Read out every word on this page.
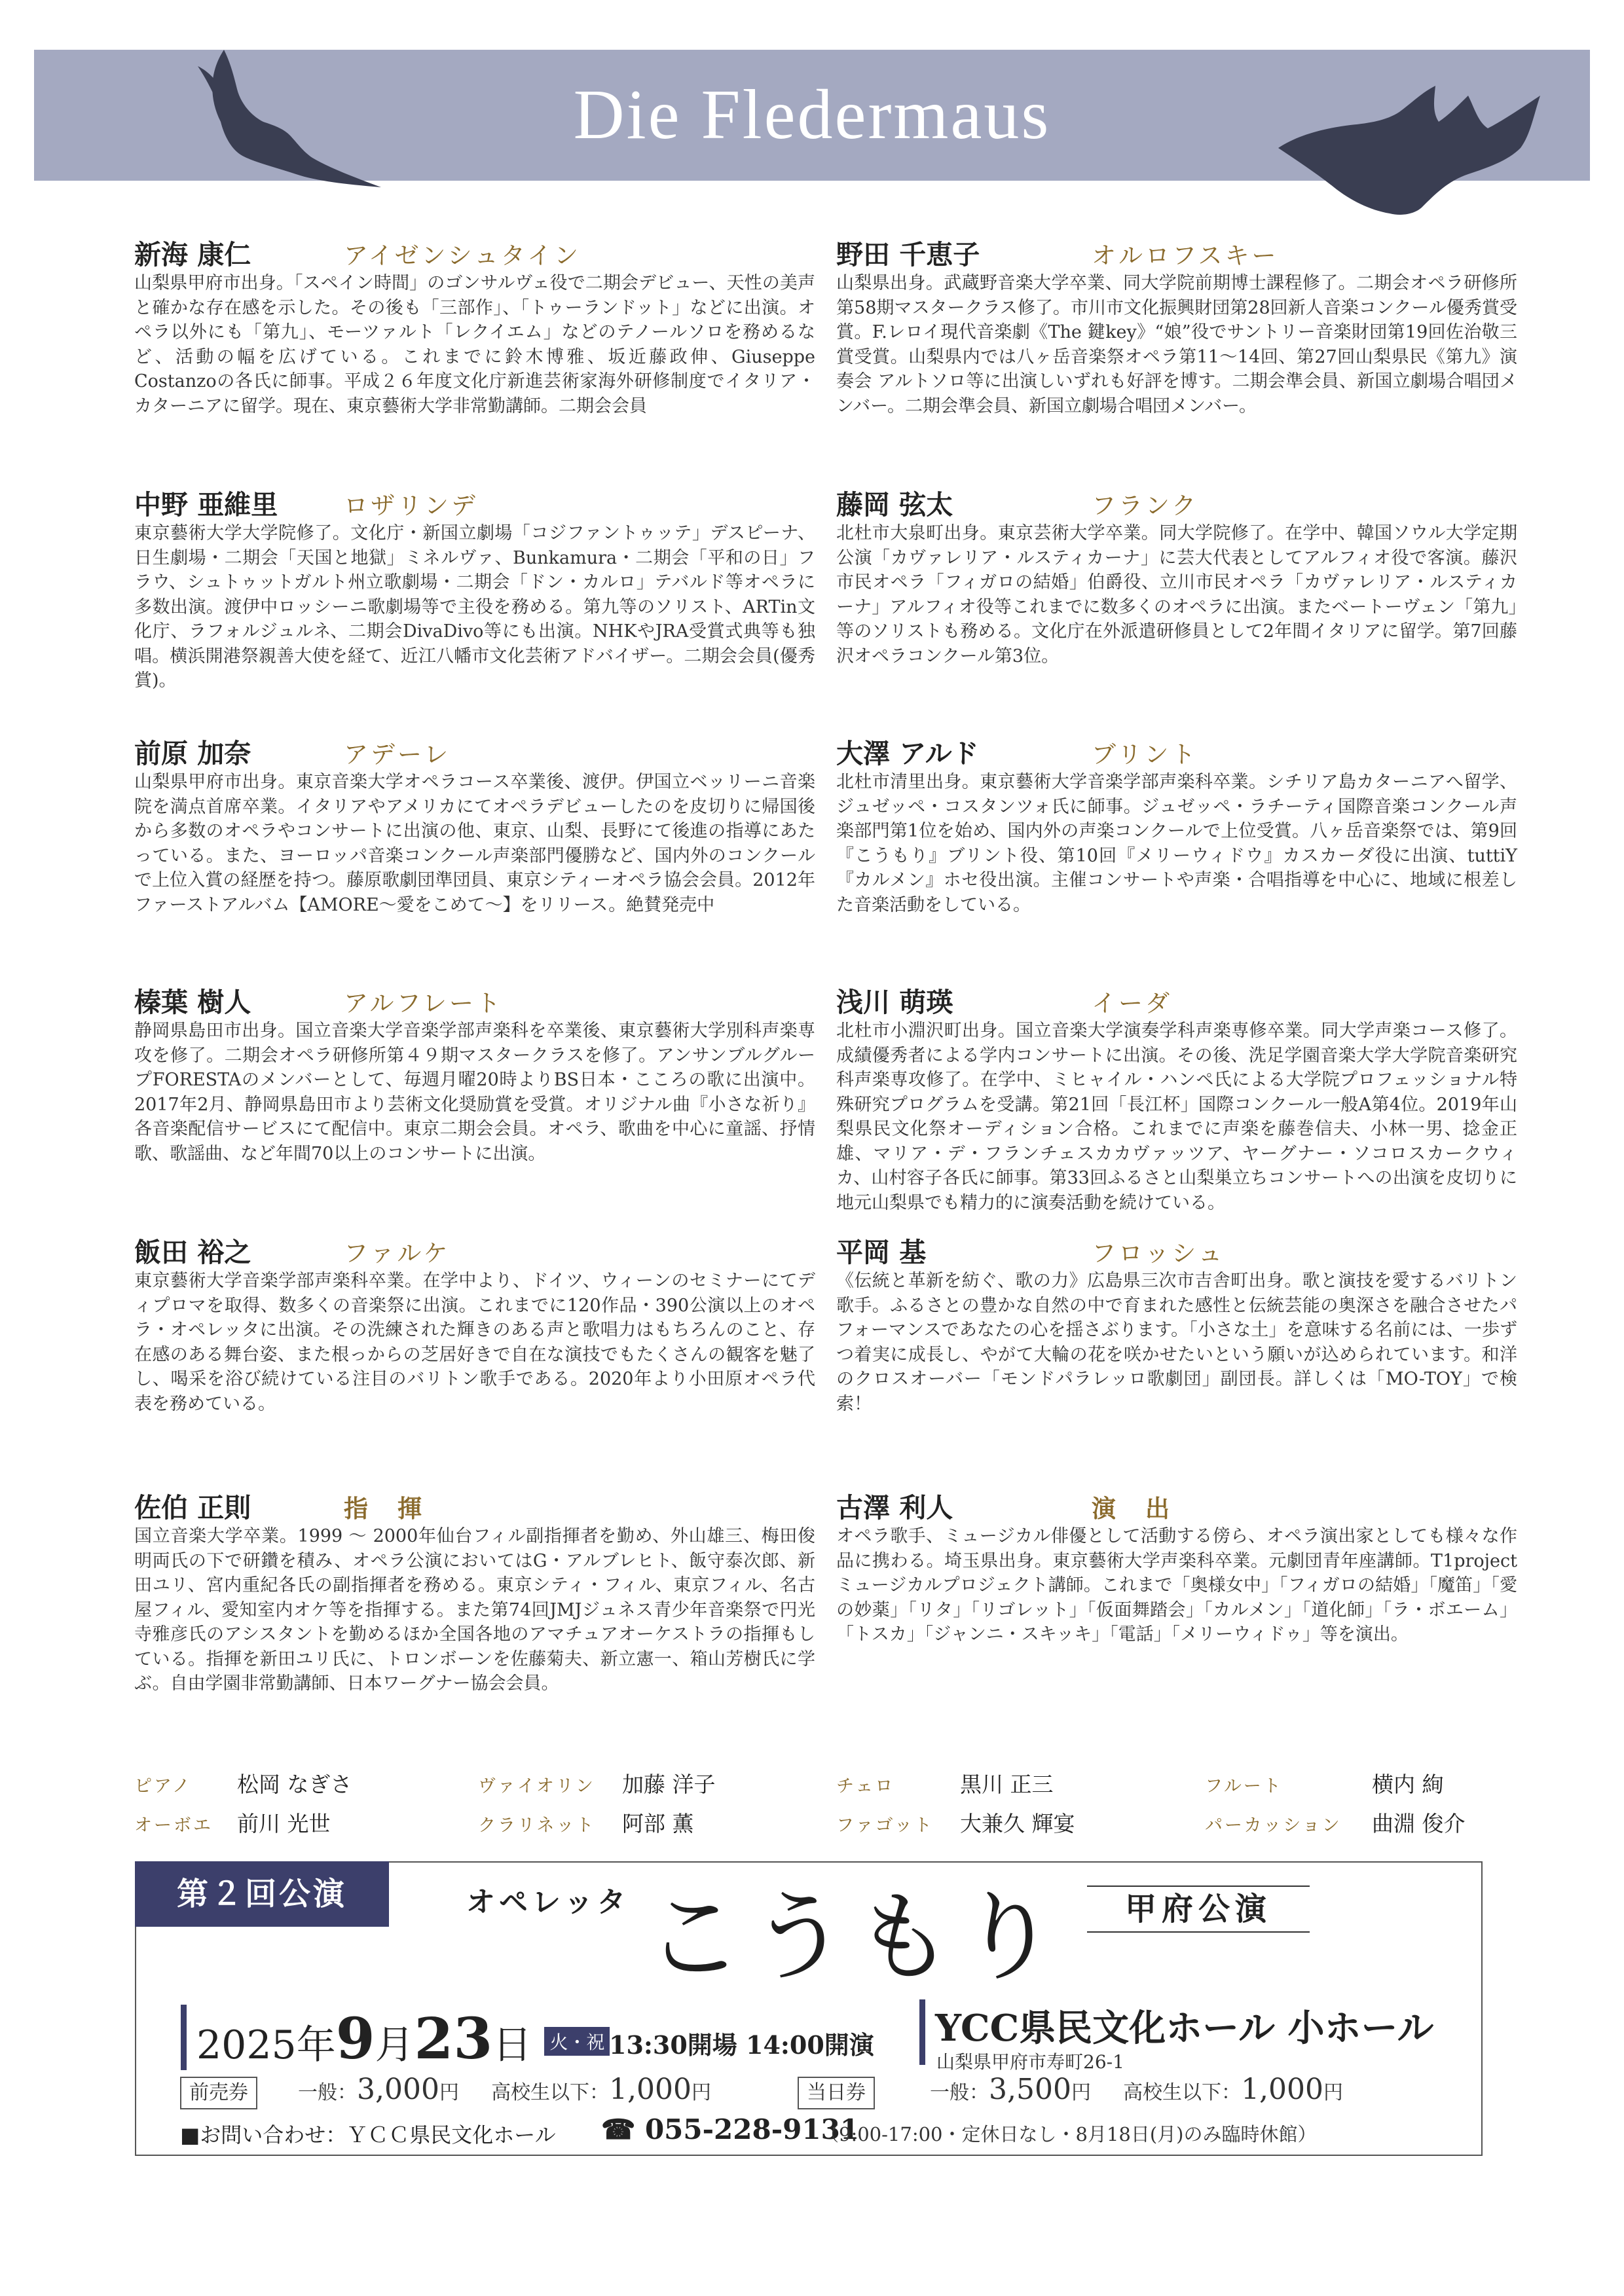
Die Fledermaus
新海 康仁	アイゼンシュタイン
山梨県甲府市出身。「スペイン時間」のゴンサルヴェ役で二期会デビュー、天性の美声と確かな存在感を示した。その後も「三部作」、「トゥーランドット」などに出演。オペラ以外にも「第九」、モーツァルト「レクイエム」などのテノールソロを務めるなど、活動の幅を広げている。これまでに鈴木博雅、坂近藤政伸、Giuseppe Costanzoの各氏に師事。平成２６年度文化庁新進芸術家海外研修制度でイタリア・カターニアに留学。現在、東京藝術大学非常勤講師。二期会会員
野田 千恵子	オルロフスキー
山梨県出身。武蔵野音楽大学卒業、同大学院前期博士課程修了。二期会オペラ研修所第58期マスタークラス修了。市川市文化振興財団第28回新人音楽コンクール優秀賞受賞。F.レロイ現代音楽劇《The 鍵key》“娘”役でサントリー音楽財団第19回佐治敬三賞受賞。山梨県内では八ヶ岳音楽祭オペラ第11〜14回、第27回山梨県民《第九》演奏会 アルトソロ等に出演しいずれも好評を博す。二期会準会員、新国立劇場合唱団メンバー。二期会準会員、新国立劇場合唱団メンバー。
中野 亜維里	ロザリンデ
東京藝術大学大学院修了。文化庁・新国立劇場「コジファントゥッテ」デスピーナ、日生劇場・二期会「天国と地獄」ミネルヴァ、Bunkamura・二期会「平和の日」フラウ、シュトゥットガルト州立歌劇場・二期会「ドン・カルロ」テバルド等オペラに多数出演。渡伊中ロッシーニ歌劇場等で主役を務める。第九等のソリスト、ARTin文化庁、ラフォルジュルネ、二期会DivaDivo等にも出演。NHKやJRA受賞式典等も独唱。横浜開港祭親善大使を経て、近江八幡市文化芸術アドバイザー。二期会会員(優秀賞)。
藤岡 弦太	フランク
北杜市大泉町出身。東京芸術大学卒業。同大学院修了。在学中、韓国ソウル大学定期公演「カヴァレリア・ルスティカーナ」に芸大代表としてアルフィオ役で客演。藤沢市民オペラ「フィガロの結婚」伯爵役、立川市民オペラ「カヴァレリア・ルスティカーナ」アルフィオ役等これまでに数多くのオペラに出演。またベートーヴェン「第九」等のソリストも務める。文化庁在外派遣研修員として2年間イタリアに留学。第7回藤沢オペラコンクール第3位。
前原 加奈	アデーレ
山梨県甲府市出身。東京音楽大学オペラコース卒業後、渡伊。伊国立ベッリーニ音楽院を満点首席卒業。イタリアやアメリカにてオペラデビューしたのを皮切りに帰国後から多数のオペラやコンサートに出演の他、東京、山梨、長野にて後進の指導にあたっている。また、ヨーロッパ音楽コンクール声楽部門優勝など、国内外のコンクールで上位入賞の経歴を持つ。藤原歌劇団準団員、東京シティーオペラ協会会員。2012年ファーストアルバム【AMORE〜愛をこめて〜】をリリース。絶賛発売中
大澤 アルド	ブリント
北杜市清里出身。東京藝術大学音楽学部声楽科卒業。シチリア島カターニアへ留学、ジュゼッペ・コスタンツォ氏に師事。ジュゼッペ・ラチーティ国際音楽コンクール声楽部門第1位を始め、国内外の声楽コンクールで上位受賞。八ヶ岳音楽祭では、第9回『こうもり』ブリント役、第10回『メリーウィドウ』カスカーダ役に出演、tuttiY『カルメン』ホセ役出演。主催コンサートや声楽・合唱指導を中心に、地域に根差した音楽活動をしている。
榛葉 樹人	アルフレート
静岡県島田市出身。国立音楽大学音楽学部声楽科を卒業後、東京藝術大学別科声楽専攻を修了。二期会オペラ研修所第４９期マスタークラスを修了。アンサンブルグループFORESTAのメンバーとして、毎週月曜20時よりBS日本・こころの歌に出演中。2017年2月、静岡県島田市より芸術文化奨励賞を受賞。オリジナル曲『小さな祈り』各音楽配信サービスにて配信中。東京二期会会員。オペラ、歌曲を中心に童謡、抒情歌、歌謡曲、など年間70以上のコンサートに出演。
浅川 萌瑛	イーダ
北杜市小淵沢町出身。国立音楽大学演奏学科声楽専修卒業。同大学声楽コース修了。成績優秀者による学内コンサートに出演。その後、洗足学園音楽大学大学院音楽研究科声楽専攻修了。在学中、ミヒャイル・ハンペ氏による大学院プロフェッショナル特殊研究プログラムを受講。第21回「長江杯」国際コンクール一般A第4位。2019年山梨県民文化祭オーディション合格。これまでに声楽を藤巻信夫、小林一男、捻金正雄、マリア・デ・フランチェスカカヴァッツア、ヤーグナー・ソコロスカークウィカ、山村容子各氏に師事。第33回ふるさと山梨巣立ちコンサートへの出演を皮切りに地元山梨県でも精力的に演奏活動を続けている。
飯田 裕之	ファルケ
東京藝術大学音楽学部声楽科卒業。在学中より、ドイツ、ウィーンのセミナーにてディプロマを取得、数多くの音楽祭に出演。これまでに120作品・390公演以上のオペラ・オペレッタに出演。その洗練された輝きのある声と歌唱力はもちろんのこと、存在感のある舞台姿、また根っからの芝居好きで自在な演技でもたくさんの観客を魅了し、喝采を浴び続けている注目のバリトン歌手である。2020年より小田原オペラ代表を務めている。
平岡 基	フロッシュ
《伝統と革新を紡ぐ、歌の力》広島県三次市吉舎町出身。歌と演技を愛するバリトン歌手。ふるさとの豊かな自然の中で育まれた感性と伝統芸能の奥深さを融合させたパフォーマンスであなたの心を揺さぶります。「小さな土」を意味する名前には、一歩ずつ着実に成長し、やがて大輪の花を咲かせたいという願いが込められています。和洋のクロスオーバー「モンドパラレッロ歌劇団」副団長。詳しくは「MO-TOY」で検索！
佐伯 正則	指　揮
国立音楽大学卒業。1999 〜 2000年仙台フィル副指揮者を勤め、外山雄三、梅田俊明両氏の下で研鑽を積み、オペラ公演においてはG・アルブレヒト、飯守泰次郎、新田ユリ、宮内重紀各氏の副指揮者を務める。東京シティ・フィル、東京フィル、名古屋フィル、愛知室内オケ等を指揮する。また第74回JMJジュネス青少年音楽祭で円光寺雅彦氏のアシスタントを勤めるほか全国各地のアマチュアオーケストラの指揮もしている。指揮を新田ユリ氏に、トロンボーンを佐藤菊夫、新立憲一、箱山芳樹氏に学ぶ。自由学園非常勤講師、日本ワーグナー協会会員。
古澤 利人	演　出
オペラ歌手、ミュージカル俳優として活動する傍ら、オペラ演出家としても様々な作品に携わる。埼玉県出身。東京藝術大学声楽科卒業。元劇団青年座講師。T1projectミュージカルプロジェクト講師。これまで「奥様女中」「フィガロの結婚」「魔笛」「愛の妙薬」「リタ」「リゴレット」「仮面舞踏会」「カルメン」「道化師」「ラ・ボエーム」「トスカ」「ジャンニ・スキッキ」「電話」「メリーウィドゥ」等を演出。
ピアノ 松岡 なぎさ	ヴァイオリン 加藤 洋子	チェロ	黒川 正三	フルート	横内 絢
オーボエ 前川 光世	クラリネット 阿部 薫	ファゴット 大兼久 輝宴	パーカッション 曲淵 俊介
第２回公演	オペレッタ こうもり	甲府公演
2025年9月23日 火・祝 13:30開場 14:00開演 YCC県民文化ホール 小ホール
山梨県甲府市寿町26-1
前売券	一般：3,000円 高校生以下：1,000円	当日券	一般：3,500円 高校生以下：1,000円
■お問い合わせ：ＹＣＣ県民文化ホール ☎ 055-228-9131
（9:00-17:00・定休日なし・8月18日(月)のみ臨時休館）
